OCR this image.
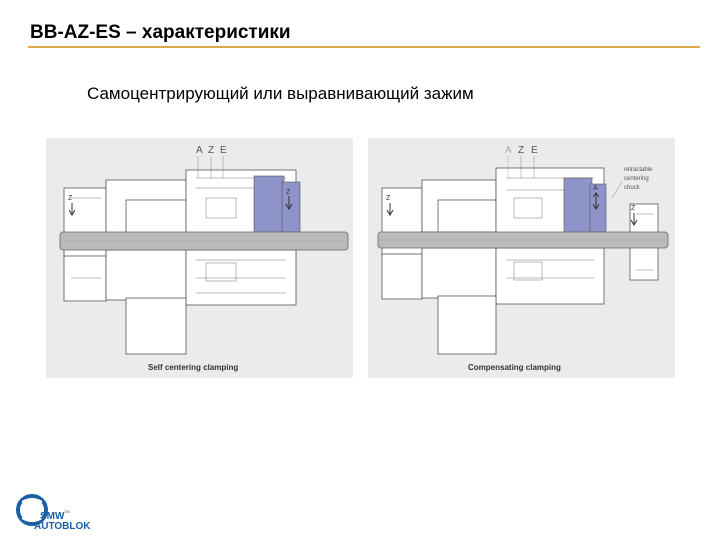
BB-AZ-ES – характеристики
Самоцентрирующий или выравнивающий зажим
A Z E
Z
Z
Self centering clamping
A Z E
Z
A
Z
retractable
centering
chuck
Compensating clamping
SMW TM
AUTOBLOK
